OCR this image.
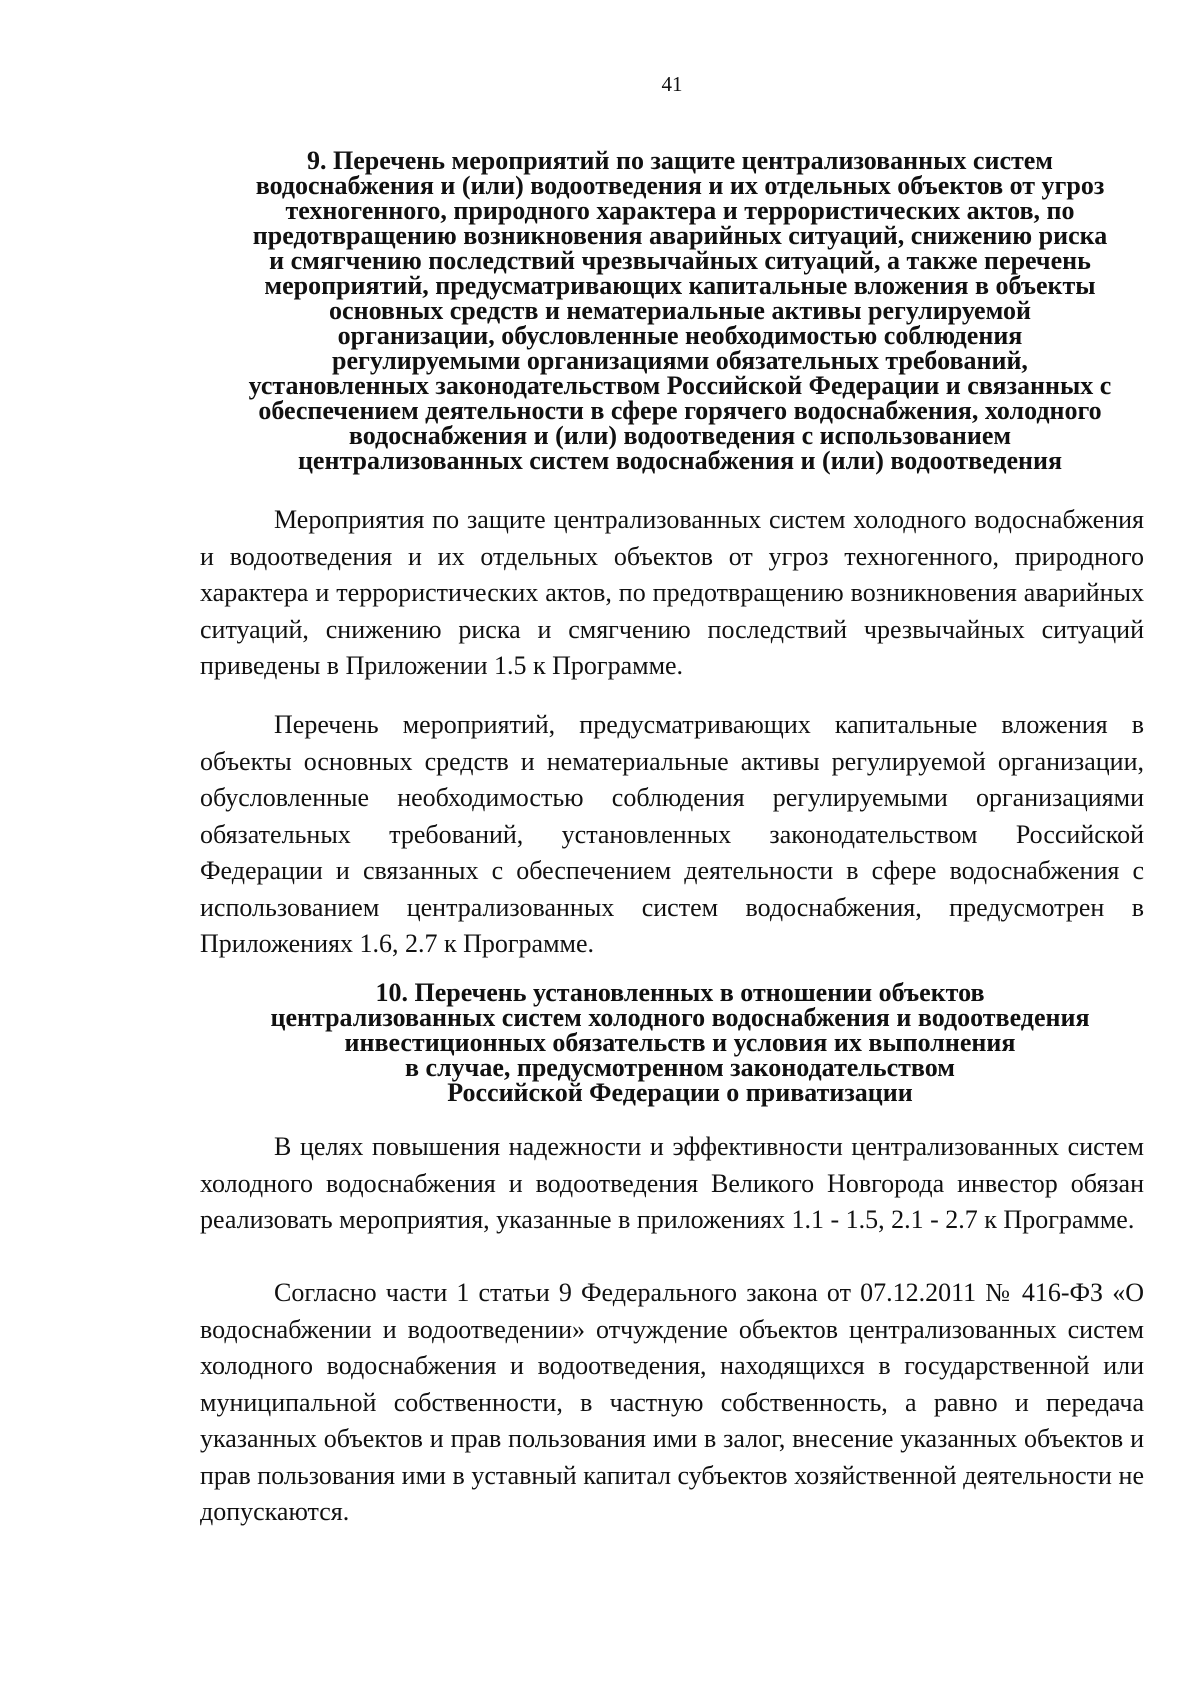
41
9. Перечень мероприятий по защите централизованных систем
водоснабжения и (или) водоотведения и их отдельных объектов от угроз
техногенного, природного характера и террористических актов, по
предотвращению возникновения аварийных ситуаций, снижению риска
и смягчению последствий чрезвычайных ситуаций, а также перечень
мероприятий, предусматривающих капитальные вложения в объекты
основных средств и нематериальные активы регулируемой
организации, обусловленные необходимостью соблюдения
регулируемыми организациями обязательных требований,
установленных законодательством Российской Федерации и связанных с
обеспечением деятельности в сфере горячего водоснабжения, холодного
водоснабжения и (или) водоотведения с использованием
централизованных систем водоснабжения и (или) водоотведения

Мероприятия по защите централизованных систем холодного водоснабжения и водоотведения и их отдельных объектов от угроз техногенного, природного характера и террористических актов, по предотвращению возникновения аварийных ситуаций, снижению риска и смягчению последствий чрезвычайных ситуаций приведены в Приложении 1.5 к Программе.

Перечень мероприятий, предусматривающих капитальные вложения в объекты основных средств и нематериальные активы регулируемой организации, обусловленные необходимостью соблюдения регулируемыми организациями обязательных требований, установленных законодательством Российской Федерации и связанных с обеспечением деятельности в сфере водоснабжения с использованием централизованных систем водоснабжения, предусмотрен в Приложениях 1.6, 2.7 к Программе.

10. Перечень установленных в отношении объектов
централизованных систем холодного водоснабжения и водоотведения
инвестиционных обязательств и условия их выполнения
в случае, предусмотренном законодательством
Российской Федерации о приватизации

В целях повышения надежности и эффективности централизованных систем холодного водоснабжения и водоотведения Великого Новгорода инвестор обязан реализовать мероприятия, указанные в приложениях 1.1 - 1.5, 2.1 - 2.7 к Программе.

Согласно части 1 статьи 9 Федерального закона от 07.12.2011 № 416-ФЗ «О водоснабжении и водоотведении» отчуждение объектов централизованных систем холодного водоснабжения и водоотведения, находящихся в государственной или муниципальной собственности, в частную собственность, а равно и передача указанных объектов и прав пользования ими в залог, внесение указанных объектов и прав пользования ими в уставный капитал субъектов хозяйственной деятельности не допускаются.
